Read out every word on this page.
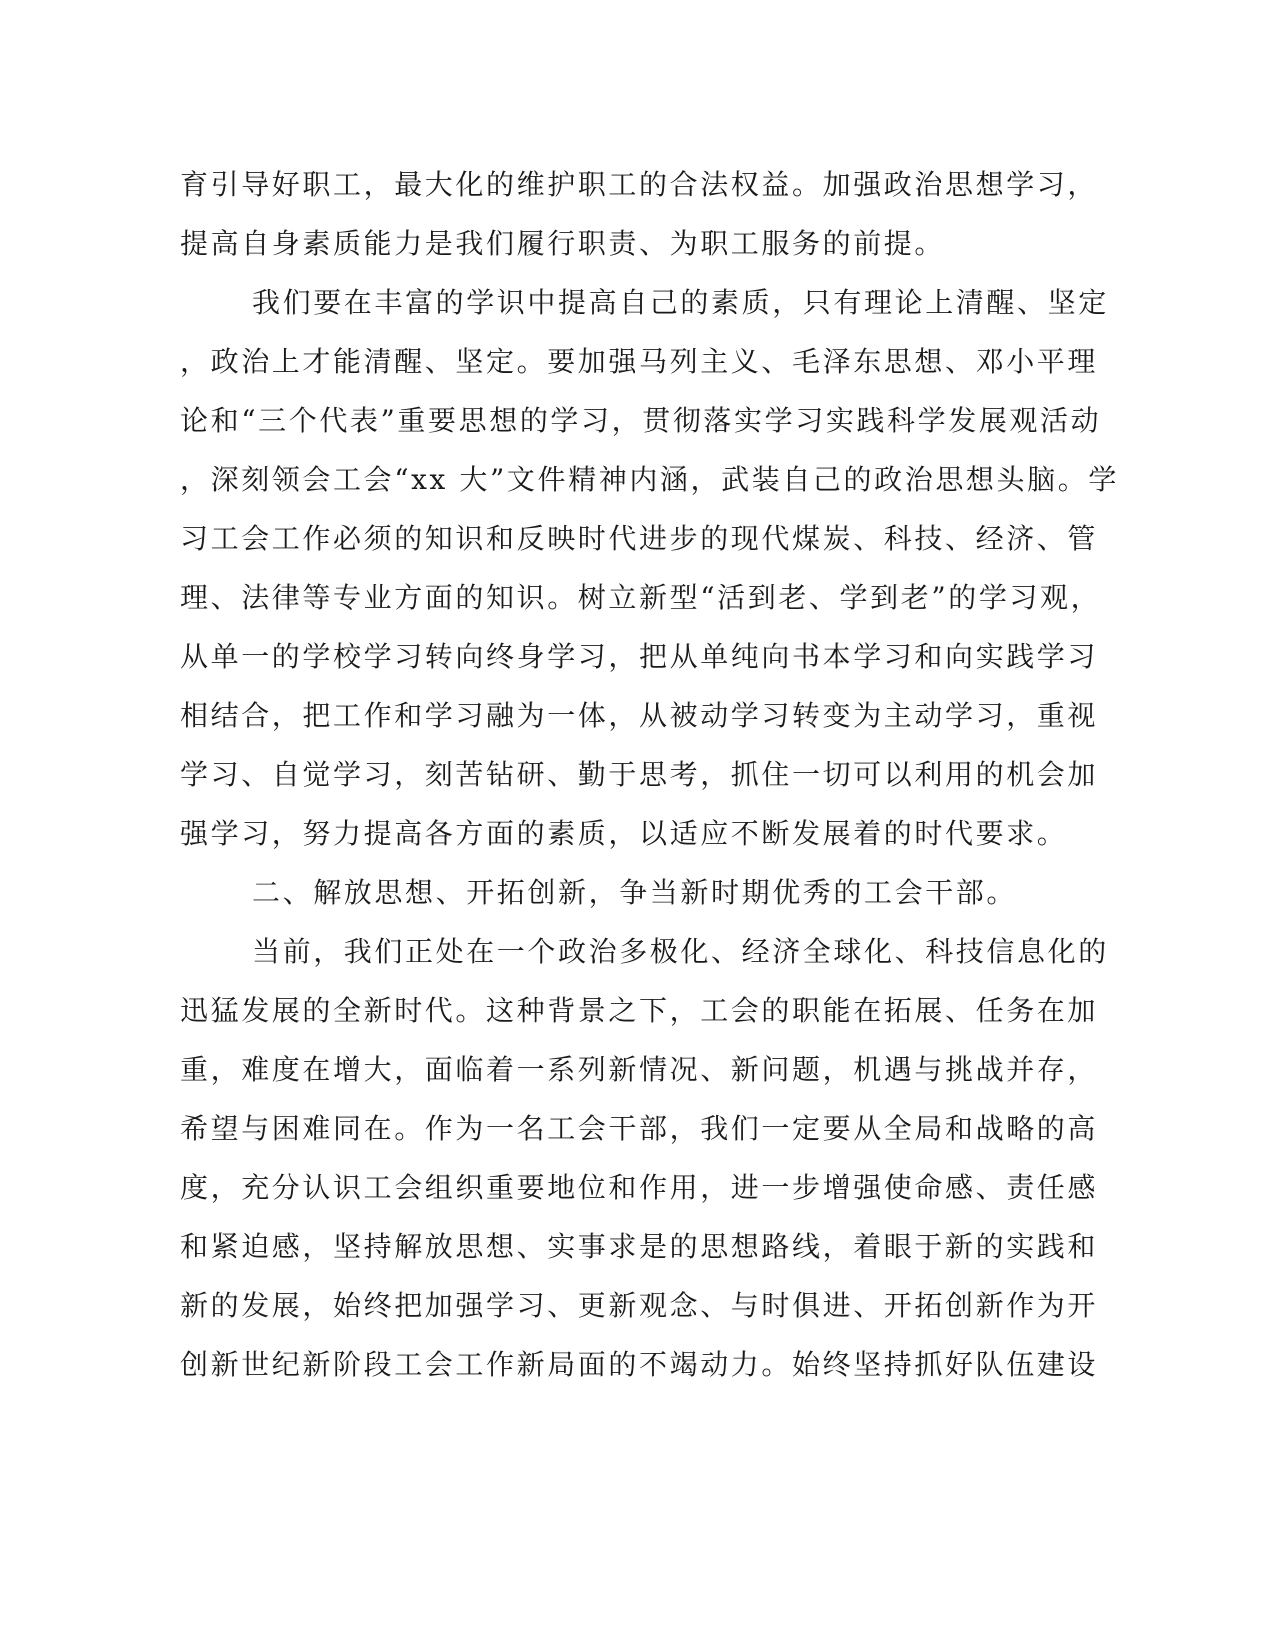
育引导好职工，最大化的维护职工的合法权益。加强政治思想学习，
提高自身素质能力是我们履行职责、为职工服务的前提。
我们要在丰富的学识中提高自己的素质，只有理论上清醒、坚定
，政治上才能清醒、坚定。要加强马列主义、毛泽东思想、邓小平理
论和“三个代表”重要思想的学习，贯彻落实学习实践科学发展观活动
，深刻领会工会“xx 大”文件精神内涵，武装自己的政治思想头脑。学
习工会工作必须的知识和反映时代进步的现代煤炭、科技、经济、管
理、法律等专业方面的知识。树立新型“活到老、学到老”的学习观，
从单一的学校学习转向终身学习，把从单纯向书本学习和向实践学习
相结合，把工作和学习融为一体，从被动学习转变为主动学习，重视
学习、自觉学习，刻苦钻研、勤于思考，抓住一切可以利用的机会加
强学习，努力提高各方面的素质，以适应不断发展着的时代要求。
二、解放思想、开拓创新，争当新时期优秀的工会干部。
当前，我们正处在一个政治多极化、经济全球化、科技信息化的
迅猛发展的全新时代。这种背景之下，工会的职能在拓展、任务在加
重，难度在增大，面临着一系列新情况、新问题，机遇与挑战并存，
希望与困难同在。作为一名工会干部，我们一定要从全局和战略的高
度，充分认识工会组织重要地位和作用，进一步增强使命感、责任感
和紧迫感，坚持解放思想、实事求是的思想路线，着眼于新的实践和
新的发展，始终把加强学习、更新观念、与时俱进、开拓创新作为开
创新世纪新阶段工会工作新局面的不竭动力。始终坚持抓好队伍建设
